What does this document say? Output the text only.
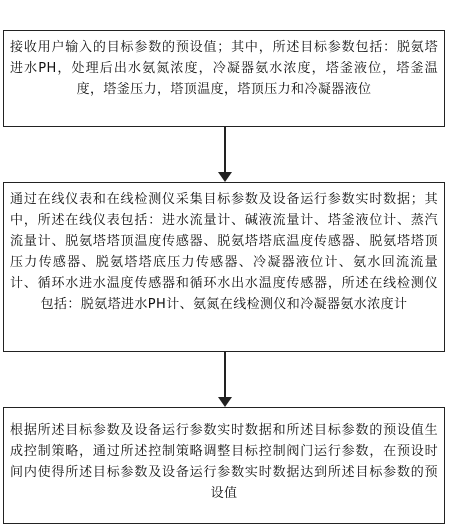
接收用户输入的目标参数的预设值；其中，所述目标参数包括：脱氨塔进水PH，处理后出水氨氮浓度，冷凝器氨水浓度，塔釜液位，塔釜温度，塔釜压力，塔顶温度，塔顶压力和冷凝器液位
通过在线仪表和在线检测仪采集目标参数及设备运行参数实时数据；其中，所述在线仪表包括：进水流量计、碱液流量计、塔釜液位计、蒸汽流量计、脱氨塔塔顶温度传感器、脱氨塔塔底温度传感器、脱氨塔塔顶压力传感器、脱氨塔塔底压力传感器、冷凝器液位计、氨水回流流量计、循环水进水温度传感器和循环水出水温度传感器，所述在线检测仪包括：脱氨塔进水PH计、氨氮在线检测仪和冷凝器氨水浓度计
根据所述目标参数及设备运行参数实时数据和所述目标参数的预设值生成控制策略，通过所述控制策略调整目标控制阀门运行参数，在预设时间内使得所述目标参数及设备运行参数实时数据达到所述目标参数的预设值
